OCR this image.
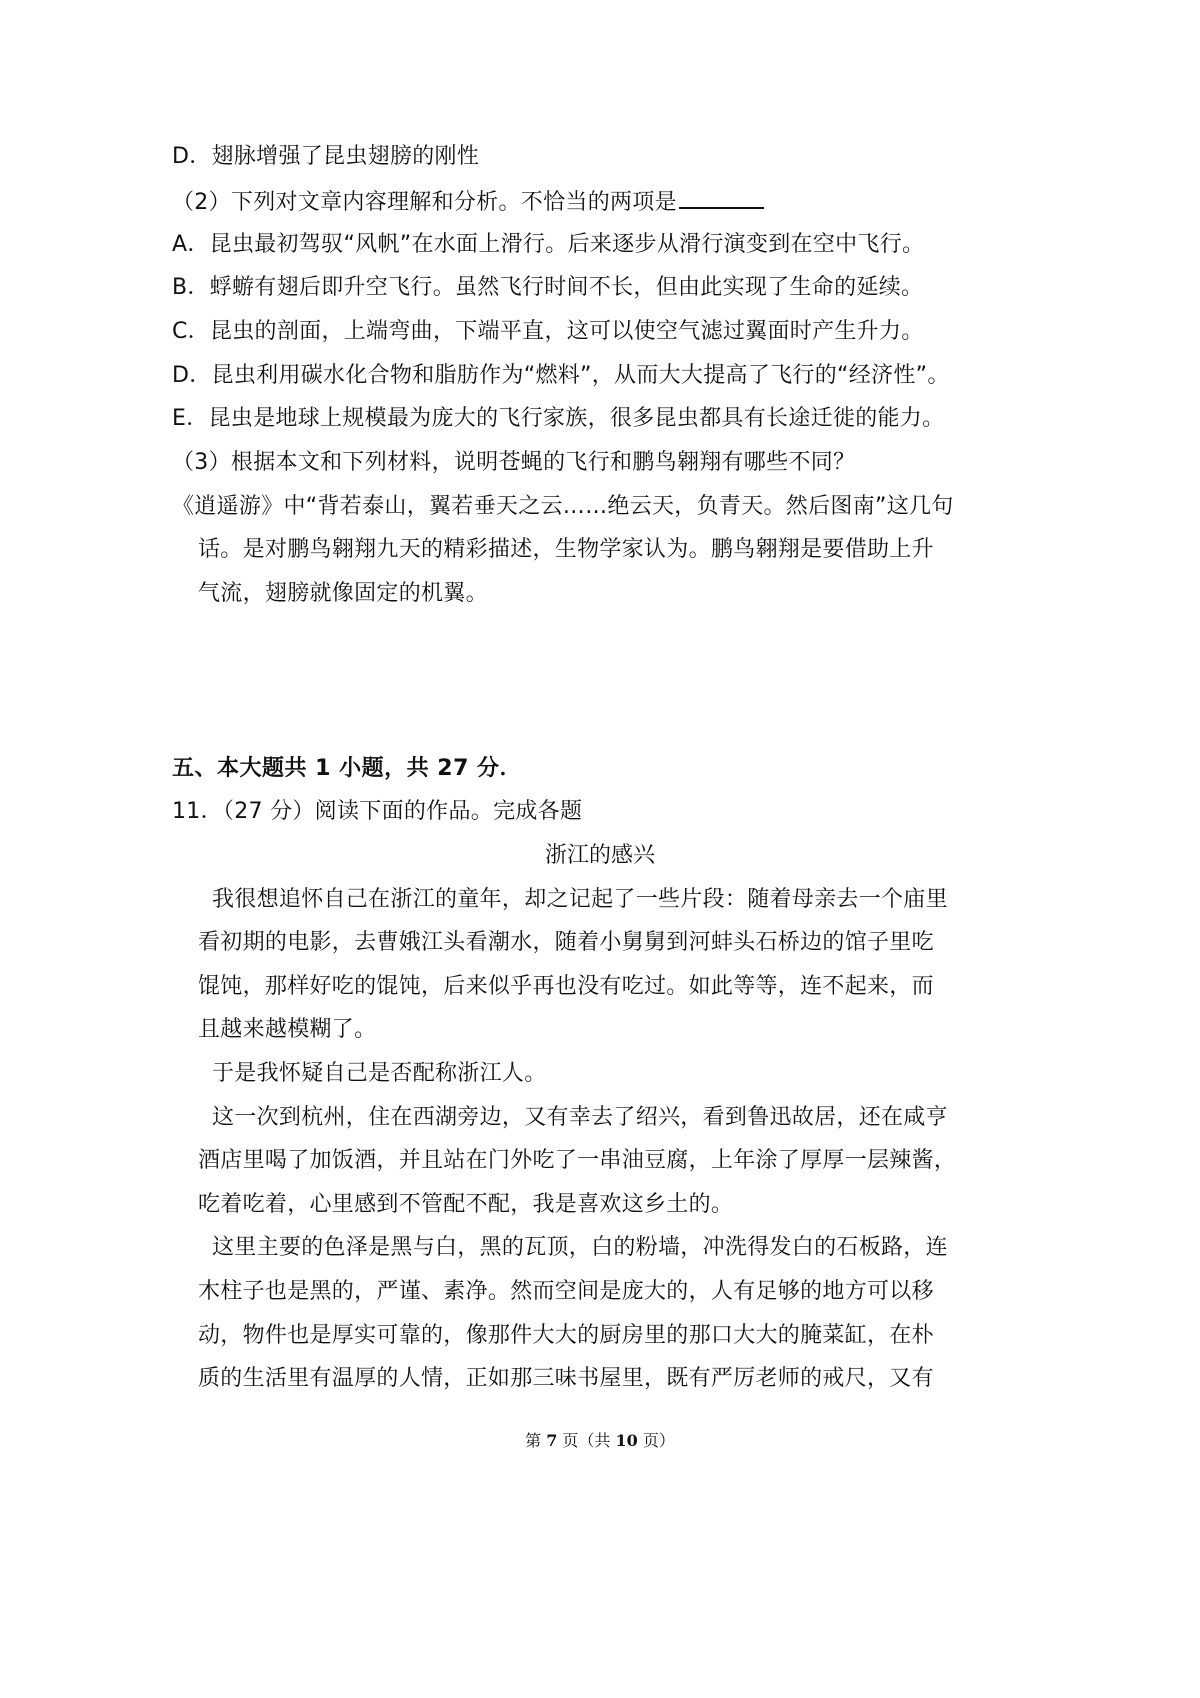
D．翅脉增强了昆虫翅膀的刚性
（2）下列对文章内容理解和分析。不恰当的两项是
A．昆虫最初驾驭“风帆”在水面上滑行。后来逐步从滑行演变到在空中飞行。
B．蜉蝣有翅后即升空飞行。虽然飞行时间不长，但由此实现了生命的延续。
C．昆虫的剖面，上端弯曲，下端平直，这可以使空气滤过翼面时产生升力。
D．昆虫利用碳水化合物和脂肪作为“燃料”，从而大大提高了飞行的“经济性”。
E．昆虫是地球上规模最为庞大的飞行家族，很多昆虫都具有长途迁徙的能力。
（3）根据本文和下列材料，说明苍蝇的飞行和鹏鸟翱翔有哪些不同？
《逍遥游》中“背若泰山，翼若垂天之云……绝云天，负青天。然后图南”这几句
话。是对鹏鸟翱翔九天的精彩描述，生物学家认为。鹏鸟翱翔是要借助上升
气流，翅膀就像固定的机翼。
五、本大题共 1 小题，共 27 分．
11．（27 分）阅读下面的作品。完成各题
浙江的感兴
我很想追怀自己在浙江的童年，却之记起了一些片段：随着母亲去一个庙里
看初期的电影，去曹娥江头看潮水，随着小舅舅到河蚌头石桥边的馆子里吃
馄饨，那样好吃的馄饨，后来似乎再也没有吃过。如此等等，连不起来，而
且越来越模糊了。
于是我怀疑自己是否配称浙江人。
这一次到杭州，住在西湖旁边，又有幸去了绍兴，看到鲁迅故居，还在咸亨
酒店里喝了加饭酒，并且站在门外吃了一串油豆腐，上年涂了厚厚一层辣酱，
吃着吃着，心里感到不管配不配，我是喜欢这乡土的。
这里主要的色泽是黑与白，黑的瓦顶，白的粉墙，冲洗得发白的石板路，连
木柱子也是黑的，严谨、素净。然而空间是庞大的，人有足够的地方可以移
动，物件也是厚实可靠的，像那件大大的厨房里的那口大大的腌菜缸，在朴
质的生活里有温厚的人情，正如那三味书屋里，既有严厉老师的戒尺，又有
第 7 页（共 10 页）
